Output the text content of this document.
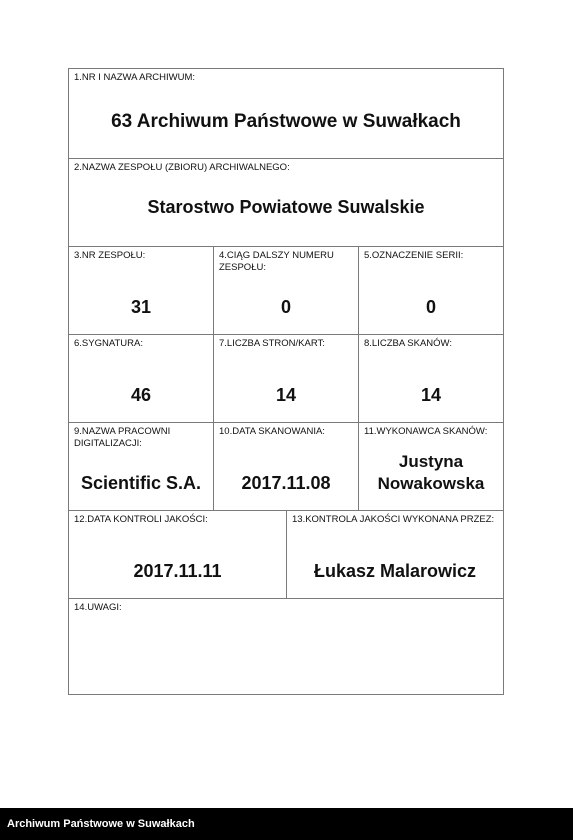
1.NR I NAZWA ARCHIWUM:
63 Archiwum Państwowe w Suwałkach
2.NAZWA ZESPOŁU (ZBIORU) ARCHIWALNEGO:
Starostwo Powiatowe Suwalskie
3.NR ZESPOŁU:
31
4.CIĄG DALSZY NUMERU ZESPOŁU:
0
5.OZNACZENIE SERII:
0
6.SYGNATURA:
46
7.LICZBA STRON/KART:
14
8.LICZBA SKANÓW:
14
9.NAZWA PRACOWNI DIGITALIZACJI:
Scientific S.A.
10.DATA SKANOWANIA:
2017.11.08
11.WYKONAWCA SKANÓW:
Justyna
Nowakowska
12.DATA KONTROLI JAKOŚCI:
2017.11.11
13.KONTROLA JAKOŚCI WYKONANA PRZEZ:
Łukasz Malarowicz
14.UWAGI:
Archiwum Państwowe w Suwałkach
